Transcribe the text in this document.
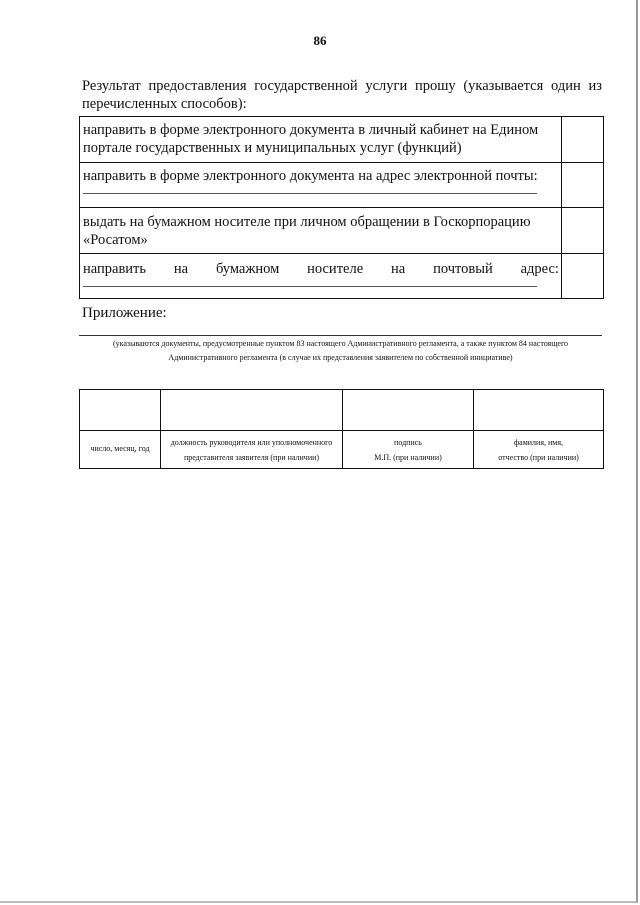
86
Результат предоставления государственной услуги прошу (указывается один из
перечисленных способов):
направить в форме электронного документа в личный кабинет на Едином
портале государственных и муниципальных услуг (функций)
направить в форме электронного документа на адрес электронной почты:
выдать на бумажном носителе при личном обращении в Госкорпорацию
«Росатом»
направить на бумажном носителе на почтовый адрес:
Приложение:
(указываются документы, предусмотренные пунктом 83 настоящего Административного регламента, а также пунктом 84 настоящего
Административного регламента (в случае их представления заявителем по собственной инициативе)
число, месяц, год
должность руководителя или уполномоченного
представителя заявителя (при наличии)
подпись
М.П. (при наличии)
фамилия, имя,
отчество (при наличии)
